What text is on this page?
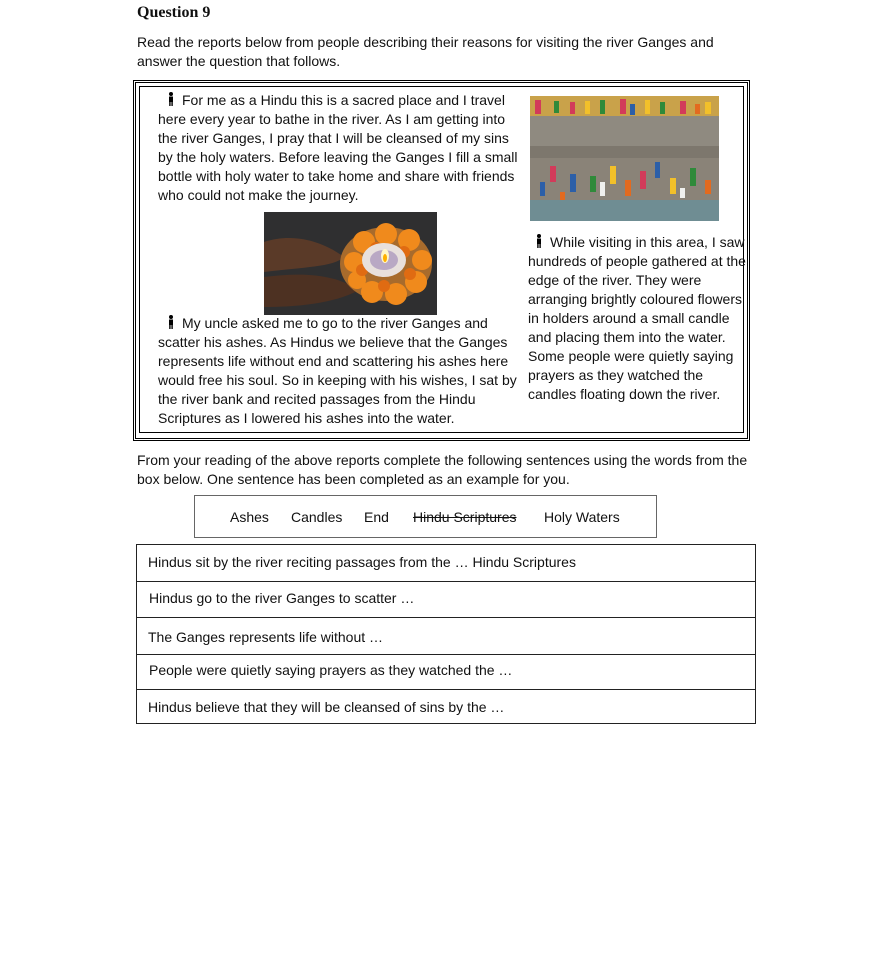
Question 9
Read the reports below from people describing their reasons for visiting the river Ganges and answer the question that follows.
For me as a Hindu this is a sacred place and I travel here every year to bathe in the river. As I am getting into the river Ganges, I pray that I will be cleansed of my sins by the holy waters. Before leaving the Ganges I fill a small bottle with holy water to take home and share with friends who could not make the journey.
My uncle asked me to go to the river Ganges and scatter his ashes. As Hindus we believe that the Ganges represents life without end and scattering his ashes here would free his soul. So in keeping with his wishes, I sat by the river bank and recited passages from the Hindu Scriptures as I lowered his ashes into the water.
While visiting in this area, I saw hundreds of people gathered at the edge of the river. They were arranging brightly coloured flowers in holders around a small candle and placing them into the water. Some people were quietly saying prayers as they watched the candles floating down the river.
From your reading of the above reports complete the following sentences using the words from the box below. One sentence has been completed as an example for you.
Ashes Candles End Hindu Scriptures Holy Waters
Hindus sit by the river reciting passages from the … Hindu Scriptures
Hindus go to the river Ganges to scatter …
The Ganges represents life without …
People were quietly saying prayers as they watched the …
Hindus believe that they will be cleansed of sins by the …
